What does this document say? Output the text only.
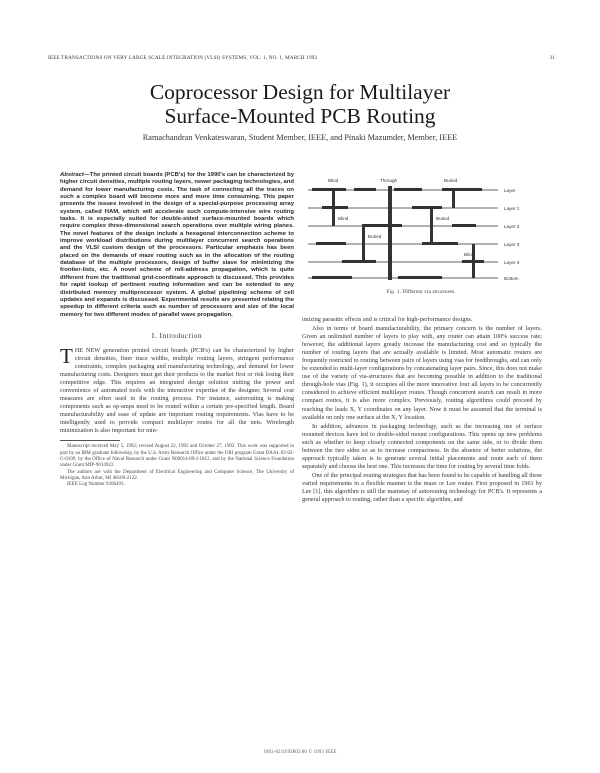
IEEE TRANSACTIONS ON VERY LARGE SCALE INTEGRATION (VLSI) SYSTEMS, VOL. 1, NO. 1, MARCH 1993	31
Coprocessor Design for Multilayer
Surface-Mounted PCB Routing
Ramachandran Venkateswaran, Student Member, IEEE, and Pinaki Mazumder, Member, IEEE
Abstract—The printed circuit boards (PCB's) for the 1990's can be characterized by higher circuit densities, multiple routing layers, newer packaging technologies, and demand for lower manufacturing costs. The task of connecting all the traces on such a complex board will become more and more time consuming. This paper presents the issues involved in the design of a special-purpose processing array system, called HAM, which will accelerate such compute-intensive wire routing tasks. It is especially suited for double-sided surface-mounted boards which require complex three-dimensional search operations over multiple wiring planes. The novel features of the design include a hexagonal interconnection scheme to improve workload distributions during multilayer concurrent search operations and the VLSI custom design of the processors. Particular emphasis has been placed on the demands of maze routing such as in the allocation of the routing database of the multiple processors, design of buffer slave for minimizing the frontier-lists, etc. A novel scheme of roll-address propagation, which is quite different from the traditional grid-coordinate approach is discussed. This provides for rapid lookup of pertinent routing information and can be extended to any distributed memory multiprocessor system. A global pipelining scheme of cell updates and expands is discussed. Experimental results are presented relating the speedup to different criteria such as number of processors and size of the local memory for two different modes of parallel wave propagation.
I. Introduction

THE NEW generation printed circuit boards (PCB's) can be characterized by higher circuit densities, finer trace widths, multiple routing layers, stringent performance constraints, complex packaging and manufacturing technology, and demand for lower manufacturing costs. Designers must get their products to the market first or risk losing their competitive edge. This requires an integrated design solution uniting the power and convenience of automated tools with the interactive expertise of the designer. Several cost measures are often used in the routing process. For instance, autorouting is making components such as op-amps need to be routed within a certain pre-specified length. Board manufacturability and ease of update are important routing requirements. Vias have to be intelligently used to provide compact multilayer routes for all the nets. Wirelength minimization is also important for min-

Manuscript received May 5, 1992; revised August 22, 1992 and October 27, 1992. This work was supported in part by an IBM graduate fellowship, by the U.S. Army Research Office under the URI program Grant DAAL 03-92-G-0109, by the Office of Naval Research under Grant N00014-89-J-1812, and by the National Science Foundation under Grant MIP-9014922.

The authors are with the Department of Electrical Engineering and Computer Science, The University of Michigan, Ann Arbor, MI 48109-2122.

IEEE Log Number 9206493.

Blind	Through	Buried
Blind
Blind
Buried
Buried
Layer
Layer 1
Layer 2
Layer 3
Layer 4
Bottom
Fig. 1. Different via structures.

imizing parasitic effects and is critical for high-performance designs.

Also in terms of board manufacturability, the primary concern is the number of layers. Given an unlimited number of layers to play with, any router can attain 100% success rate; however, the additional layers greatly increase the manufacturing cost and so typically the number of routing layers that are actually available is limited. Most automatic routers are frequently restricted to routing between pairs of layers using vias for feedthroughs, and can only be extended to multi-layer configurations by concatenating layer pairs. Since, this does not make use of the variety of via-structures that are becoming possible in addition to the traditional through-hole vias (Fig. 1), it occupies all the more innovative four all layers to be concurrently considered to achieve efficient multilayer routes. Though concurrent search can result in more compact routes, it is also more complex. Previously, routing algorithms could proceed by reaching the leads X, Y coordinates on any layer. Now it must be assumed that the terminal is available on only one surface at the X, Y location.

In addition, advances in packaging technology, such as the increasing use of surface mounted devices have led to double-sided mount configurations. This opens up new problems such as whether to keep closely connected components on the same side, or to divide them between the two sides so as to increase compactness. In the absence of better solutions, the approach typically taken is to generate several initial placements and route each of them separately and choose the best one. This increases the time for routing by several time folds.

One of the principal routing strategies that has been found to be capable of handling all these varied requirements in a flexible manner is the maze or Lee router. First proposed in 1961 by Lee [1], this algorithm is still the mainstay of autorouting technology for PCB's. It represents a general approach to routing, rather than a specific algorithm, and

1063-8210/93$03.00 © 1993 IEEE
